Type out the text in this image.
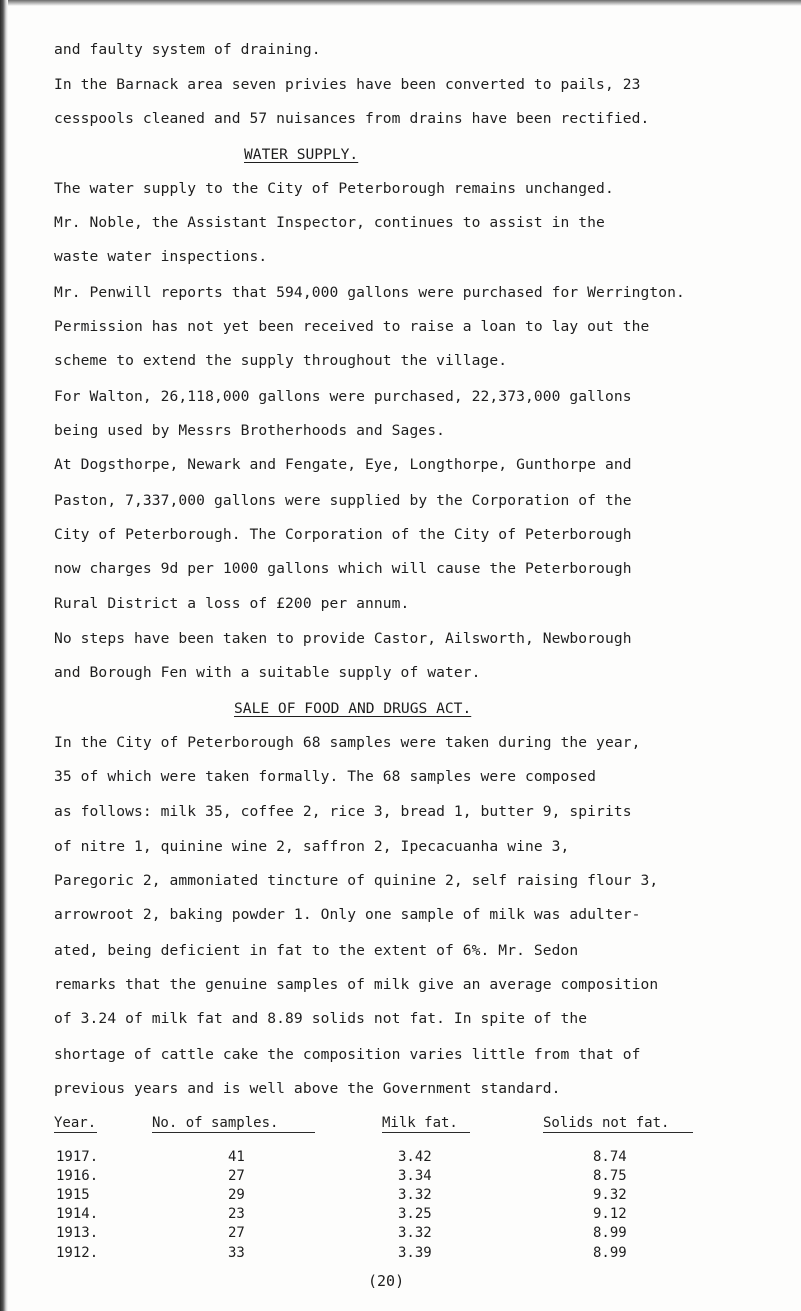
and faulty system of draining.
In the Barnack area seven privies have been converted to pails, 23
cesspools cleaned and 57 nuisances from drains have been rectified.
WATER SUPPLY.
The water supply to the City of Peterborough remains unchanged.
Mr. Noble, the Assistant Inspector, continues to assist in the
waste water inspections.
Mr. Penwill reports that 594,000 gallons were purchased for Werrington.
Permission has not yet been received to raise a loan to lay out the
scheme to extend the supply throughout the village.
For Walton, 26,118,000 gallons were purchased, 22,373,000 gallons
being used by Messrs Brotherhoods and Sages.
At Dogsthorpe, Newark and Fengate, Eye, Longthorpe, Gunthorpe and
Paston, 7,337,000 gallons were supplied by the Corporation of the
City of Peterborough. The Corporation of the City of Peterborough
now charges 9d per 1000 gallons which will cause the Peterborough
Rural District a loss of £200 per annum.
No steps have been taken to provide Castor, Ailsworth, Newborough
and Borough Fen with a suitable supply of water.
SALE OF FOOD AND DRUGS ACT.
In the City of Peterborough 68 samples were taken during the year,
35 of which were taken formally. The 68 samples were composed
as follows: milk 35, coffee 2, rice 3, bread 1, butter 9, spirits
of nitre 1, quinine wine 2, saffron 2, Ipecacuanha wine 3,
Paregoric 2, ammoniated tincture of quinine 2, self raising flour 3,
arrowroot 2, baking powder 1. Only one sample of milk was adulter-
ated, being deficient in fat to the extent of 6%. Mr. Sedon
remarks that the genuine samples of milk give an average composition
of 3.24 of milk fat and 8.89 solids not fat. In spite of the
shortage of cattle cake the composition varies little from that of
previous years and is well above the Government standard.
Year.	No. of samples.	Milk fat.	Solids not fat.
1917.	41	3.42	8.74
1916.	27	3.34	8.75
1915	29	3.32	9.32
1914.	23	3.25	9.12
1913.	27	3.32	8.99
1912.	33	3.39	8.99
(20)
